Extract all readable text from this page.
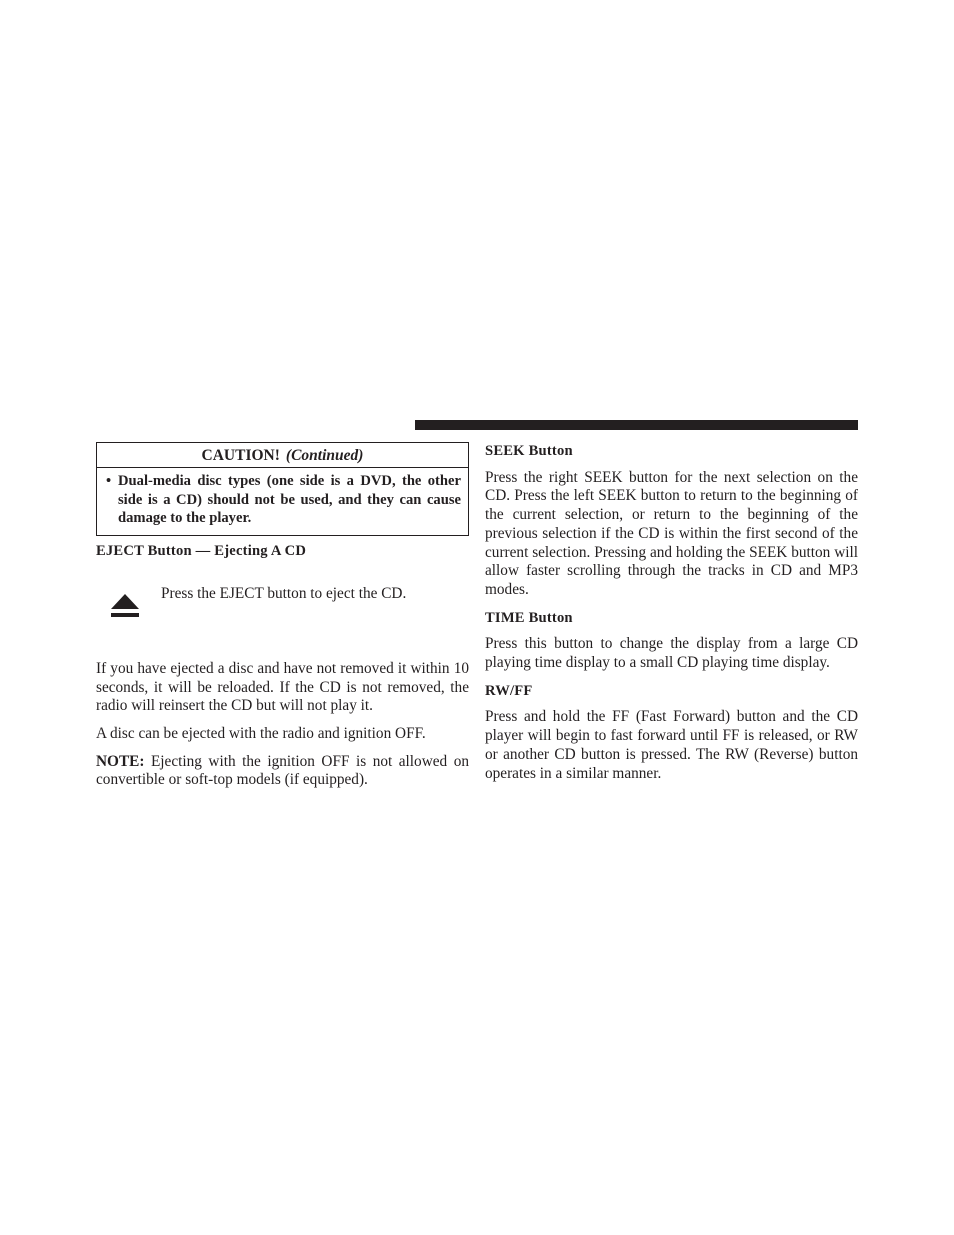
CAUTION! (Continued)
• Dual-media disc types (one side is a DVD, the other side is a CD) should not be used, and they can cause damage to the player.

EJECT Button — Ejecting A CD

Press the EJECT button to eject the CD.

If you have ejected a disc and have not removed it within 10 seconds, it will be reloaded. If the CD is not removed, the radio will reinsert the CD but will not play it.

A disc can be ejected with the radio and ignition OFF.

NOTE: Ejecting with the ignition OFF is not allowed on convertible or soft-top models (if equipped).

SEEK Button

Press the right SEEK button for the next selection on the CD. Press the left SEEK button to return to the beginning of the current selection, or return to the beginning of the previous selection if the CD is within the first second of the current selection. Pressing and holding the SEEK button will allow faster scrolling through the tracks in CD and MP3 modes.

TIME Button

Press this button to change the display from a large CD playing time display to a small CD playing time display.

RW/FF

Press and hold the FF (Fast Forward) button and the CD player will begin to fast forward until FF is released, or RW or another CD button is pressed. The RW (Reverse) button operates in a similar manner.
